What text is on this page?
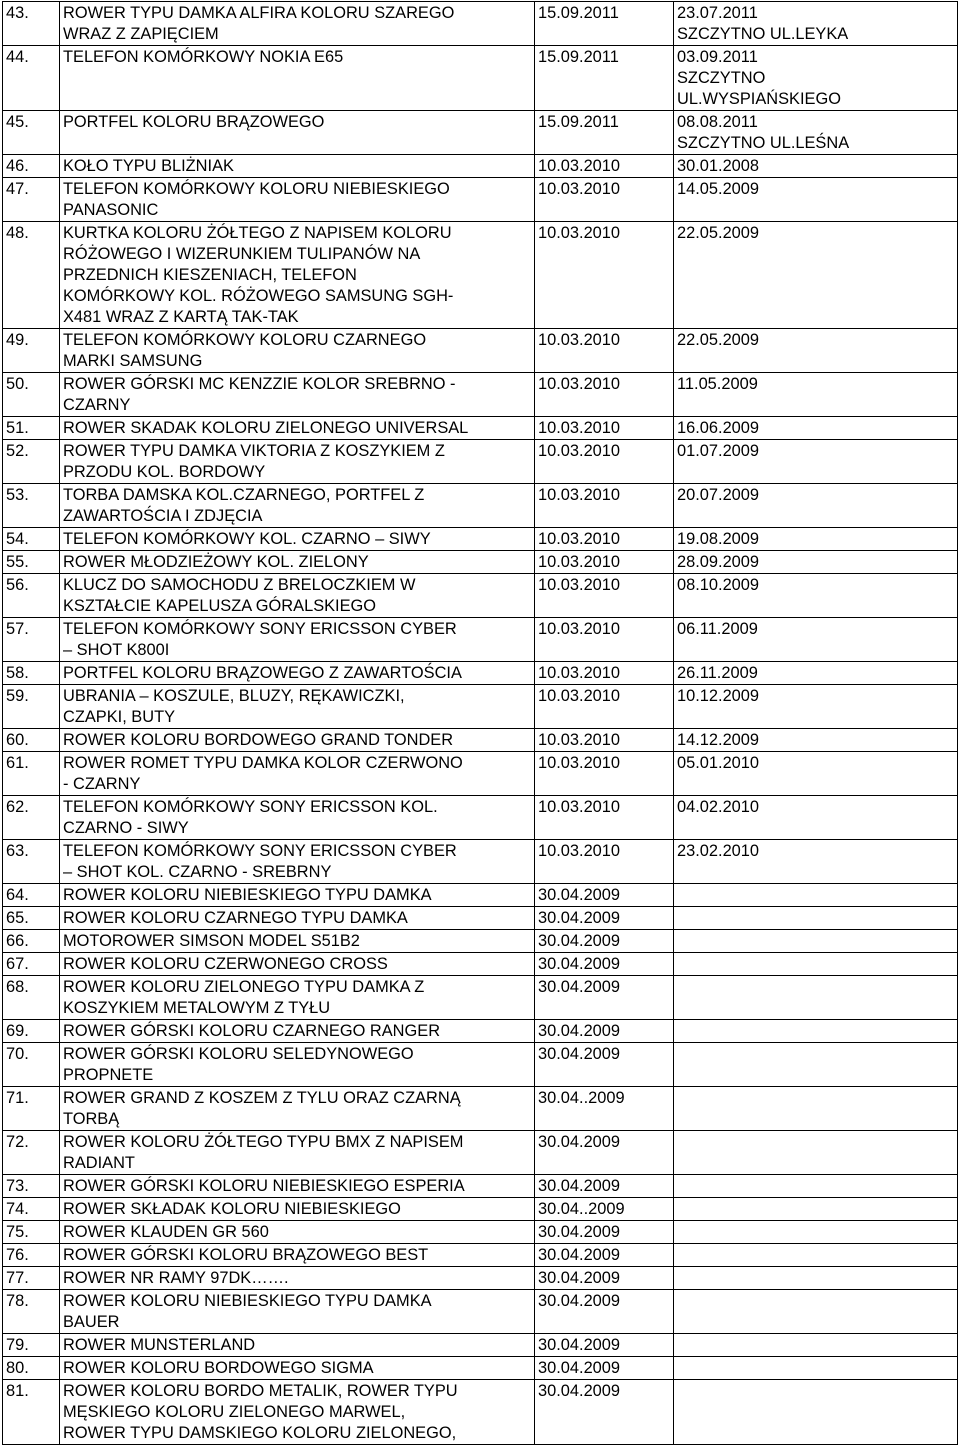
43.	ROWER TYPU DAMKA ALFIRA KOLORU SZAREGO
WRAZ Z ZAPIĘCIEM	15.09.2011	23.07.2011
SZCZYTNO UL.LEYKA
44.	TELEFON KOMÓRKOWY NOKIA E65	15.09.2011	03.09.2011
SZCZYTNO
UL.WYSPIAŃSKIEGO
45.	PORTFEL KOLORU BRĄZOWEGO	15.09.2011	08.08.2011
SZCZYTNO UL.LEŚNA
46.	KOŁO TYPU BLIŻNIAK	10.03.2010	30.01.2008
47.	TELEFON KOMÓRKOWY KOLORU NIEBIESKIEGO
PANASONIC	10.03.2010	14.05.2009
48.	KURTKA KOLORU ŻÓŁTEGO Z NAPISEM KOLORU
RÓŻOWEGO I WIZERUNKIEM TULIPANÓW NA
PRZEDNICH KIESZENIACH, TELEFON
KOMÓRKOWY KOL. RÓŻOWEGO SAMSUNG SGH-
X481 WRAZ Z KARTĄ TAK-TAK	10.03.2010	22.05.2009
49.	TELEFON KOMÓRKOWY KOLORU CZARNEGO
MARKI SAMSUNG	10.03.2010	22.05.2009
50.	ROWER GÓRSKI MC KENZZIE KOLOR SREBRNO -
CZARNY	10.03.2010	11.05.2009
51.	ROWER SKADAK KOLORU ZIELONEGO UNIVERSAL	10.03.2010	16.06.2009
52.	ROWER TYPU DAMKA VIKTORIA Z KOSZYKIEM Z
PRZODU KOL. BORDOWY	10.03.2010	01.07.2009
53.	TORBA DAMSKA KOL.CZARNEGO, PORTFEL Z
ZAWARTOŚCIA I ZDJĘCIA	10.03.2010	20.07.2009
54.	TELEFON KOMÓRKOWY KOL. CZARNO – SIWY	10.03.2010	19.08.2009
55.	ROWER MŁODZIEŻOWY KOL. ZIELONY	10.03.2010	28.09.2009
56.	KLUCZ DO SAMOCHODU Z BRELOCZKIEM W
KSZTAŁCIE KAPELUSZA GÓRALSKIEGO	10.03.2010	08.10.2009
57.	TELEFON KOMÓRKOWY SONY ERICSSON CYBER
– SHOT K800I	10.03.2010	06.11.2009
58.	PORTFEL KOLORU BRĄZOWEGO Z ZAWARTOŚCIA	10.03.2010	26.11.2009
59.	UBRANIA – KOSZULE, BLUZY, RĘKAWICZKI,
CZAPKI, BUTY	10.03.2010	10.12.2009
60.	ROWER KOLORU BORDOWEGO GRAND TONDER	10.03.2010	14.12.2009
61.	ROWER ROMET TYPU DAMKA KOLOR CZERWONO
- CZARNY	10.03.2010	05.01.2010
62.	TELEFON KOMÓRKOWY SONY ERICSSON KOL.
CZARNO - SIWY	10.03.2010	04.02.2010
63.	TELEFON KOMÓRKOWY SONY ERICSSON CYBER
– SHOT KOL. CZARNO - SREBRNY	10.03.2010	23.02.2010
64.	ROWER KOLORU NIEBIESKIEGO TYPU DAMKA	30.04.2009	
65.	ROWER KOLORU CZARNEGO TYPU DAMKA	30.04.2009	
66.	MOTOROWER SIMSON MODEL S51B2	30.04.2009	
67.	ROWER KOLORU CZERWONEGO CROSS	30.04.2009	
68.	ROWER KOLORU ZIELONEGO TYPU DAMKA Z
KOSZYKIEM METALOWYM Z TYŁU	30.04.2009	
69.	ROWER GÓRSKI KOLORU CZARNEGO RANGER	30.04.2009	
70.	ROWER GÓRSKI KOLORU SELEDYNOWEGO
PROPNETE	30.04.2009	
71.	ROWER GRAND Z KOSZEM Z TYLU ORAZ CZARNĄ
TORBĄ	30.04..2009	
72.	ROWER KOLORU ŻÓŁTEGO TYPU BMX Z NAPISEM
RADIANT	30.04.2009	
73.	ROWER GÓRSKI KOLORU NIEBIESKIEGO ESPERIA	30.04.2009	
74.	ROWER SKŁADAK KOLORU NIEBIESKIEGO	30.04..2009	
75.	ROWER KLAUDEN GR 560	30.04.2009	
76.	ROWER GÓRSKI KOLORU BRĄZOWEGO BEST	30.04.2009	
77.	ROWER NR RAMY 97DK…….	30.04.2009	
78.	ROWER KOLORU NIEBIESKIEGO TYPU DAMKA
BAUER	30.04.2009	
79.	ROWER MUNSTERLAND	30.04.2009	
80.	ROWER KOLORU BORDOWEGO SIGMA	30.04.2009	
81.	ROWER KOLORU BORDO METALIK, ROWER TYPU
MĘSKIEGO KOLORU ZIELONEGO MARWEL,
ROWER TYPU DAMSKIEGO KOLORU ZIELONEGO,	30.04.2009	
